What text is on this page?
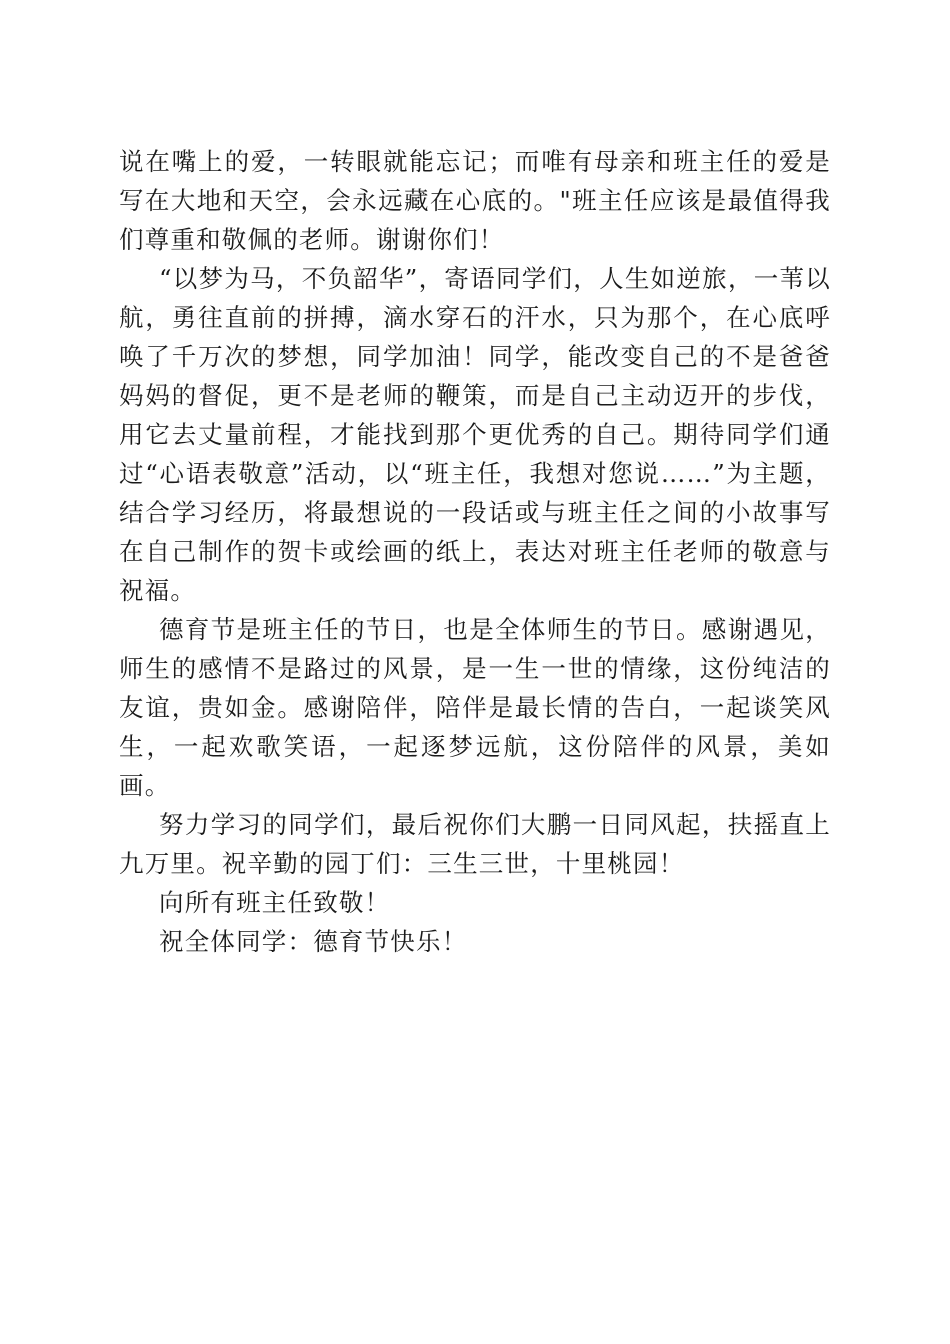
说在嘴上的爱，一转眼就能忘记；而唯有母亲和班主任的爱是写在大地和天空，会永远藏在心底的。"班主任应该是最值得我们尊重和敬佩的老师。谢谢你们！

“以梦为马，不负韶华”，寄语同学们，人生如逆旅，一苇以航，勇往直前的拼搏，滴水穿石的汗水，只为那个，在心底呼唤了千万次的梦想，同学加油！同学，能改变自己的不是爸爸妈妈的督促，更不是老师的鞭策，而是自己主动迈开的步伐，用它去丈量前程，才能找到那个更优秀的自己。期待同学们通过“心语表敬意”活动，以“班主任，我想对您说……”为主题，结合学习经历，将最想说的一段话或与班主任之间的小故事写在自己制作的贺卡或绘画的纸上，表达对班主任老师的敬意与祝福。

德育节是班主任的节日，也是全体师生的节日。感谢遇见，师生的感情不是路过的风景，是一生一世的情缘，这份纯洁的友谊，贵如金。感谢陪伴，陪伴是最长情的告白，一起谈笑风生，一起欢歌笑语，一起逐梦远航，这份陪伴的风景，美如画。

努力学习的同学们，最后祝你们大鹏一日同风起，扶摇直上九万里。祝辛勤的园丁们：三生三世，十里桃园！

向所有班主任致敬！

祝全体同学：德育节快乐！
